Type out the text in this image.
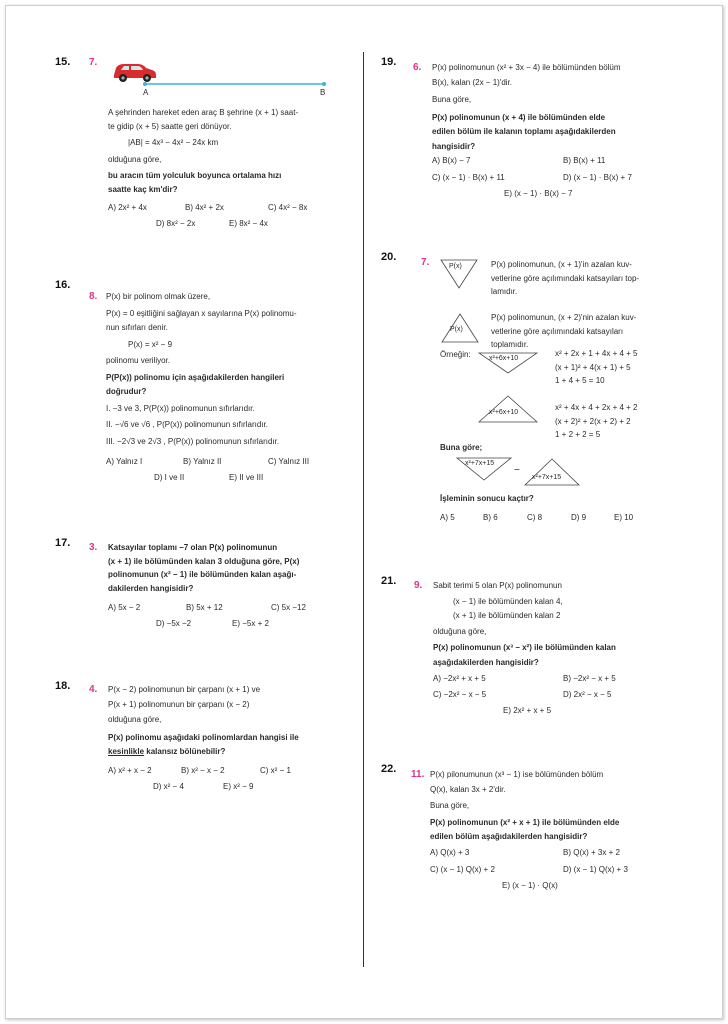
15. 7.
A	B
A şehrinden hareket eden araç B şehrine (x + 1) saat-
te gidip (x + 5) saatte geri dönüyor.
|AB| = 4x³ − 4x² − 24x km
olduğuna göre,
bu aracın tüm yolculuk boyunca ortalama hızı
saatte kaç km'dir?
A) 2x² + 4x	B) 4x² + 2x	C) 4x² − 8x
D) 8x² − 2x	E) 8x² − 4x
16.
8. P(x) bir polinom olmak üzere,
P(x) = 0 eşitliğini sağlayan x sayılarına P(x) polinomu-
nun sıfırları denir.
P(x) = x² − 9
polinomu veriliyor.
P(P(x)) polinomu için aşağıdakilerden hangileri
doğrudur?
I. −3 ve 3, P(P(x)) polinomunun sıfırlarıdır.
II. −√6 ve √6 , P(P(x)) polinomunun sıfırlarıdır.
III. −2√3 ve 2√3 , P(P(x)) polinomunun sıfırlarıdır.
A) Yalnız I	B) Yalnız II	C) Yalnız III
D) I ve II	E) II ve III
17. 3. Katsayılar toplamı −7 olan P(x) polinomunun
(x + 1) ile bölümünden kalan 3 olduğuna göre, P(x)
polinomunun (x² − 1) ile bölümünden kalan aşağı-
dakilerden hangisidir?
A) 5x − 2	B) 5x + 12	C) 5x −12
D) −5x −2	E) −5x + 2
18. 4. P(x − 2) polinomunun bir çarpanı (x + 1) ve
P(x + 1) polinomunun bir çarpanı (x − 2)
olduğuna göre,
P(x) polinomu aşağıdaki polinomlardan hangisi ile
kesinlikle kalansız bölünebilir?
A) x² + x − 2	B) x² − x − 2	C) x² − 1
D) x² − 4	E) x² − 9
19. 6. P(x) polinomunun (x² + 3x − 4) ile bölümünden bölüm
B(x), kalan (2x − 1)'dir.
Buna göre,
P(x) polinomunun (x + 4) ile bölümünden elde
edilen bölüm ile kalanın toplamı aşağıdakilerden
hangisidir?
A) B(x) − 7	B) B(x) + 11
C) (x − 1) · B(x) + 11	D) (x − 1) · B(x) + 7
E) (x − 1) · B(x) − 7
20. 7.	P(x)	P(x) polinomunun, (x + 1)'in azalan kuv-
vetlerine göre açılımındaki katsayıları top-
lamıdır.
P(x)
P(x) polinomunun, (x + 2)'nin azalan kuv-
vetlerine göre açılımındaki katsayıları
toplamıdır.
Örneğin:	x²+6x+10
x² + 2x + 1 + 4x + 4 + 5
(x + 1)² + 4(x + 1) + 5
1 + 4 + 5 = 10
x²+6x+10
x² + 4x + 4 + 2x + 4 + 2
(x + 2)² + 2(x + 2) + 2
1 + 2 + 2 = 5
Buna göre;
x²+7x+15
−
x²+7x+15
İşleminin sonucu kaçtır?
A) 5	B) 6	C) 8	D) 9	E) 10
21. 9. Sabit terimi 5 olan P(x) polinomunun
(x − 1) ile bölümünden kalan 4,
(x + 1) ile bölümünden kalan 2
olduğuna göre,
P(x) polinomunun (x³ − x²) ile bölümünden kalan
aşağıdakilerden hangisidir?
A) −2x² + x + 5	B) −2x² − x + 5
C) −2x² − x − 5	D) 2x² − x − 5
E) 2x² + x + 5
22. 11. P(x) pilonumunun (x³ − 1) ise bölümünden bölüm
Q(x), kalan 3x + 2'dir.
Buna göre,
P(x) polinomunun (x² + x + 1) ile bölümünden elde
edilen bölüm aşağıdakilerden hangisidir?
A) Q(x) + 3	B) Q(x) + 3x + 2
C) (x − 1) Q(x) + 2	D) (x − 1) Q(x) + 3
E) (x − 1) · Q(x)
